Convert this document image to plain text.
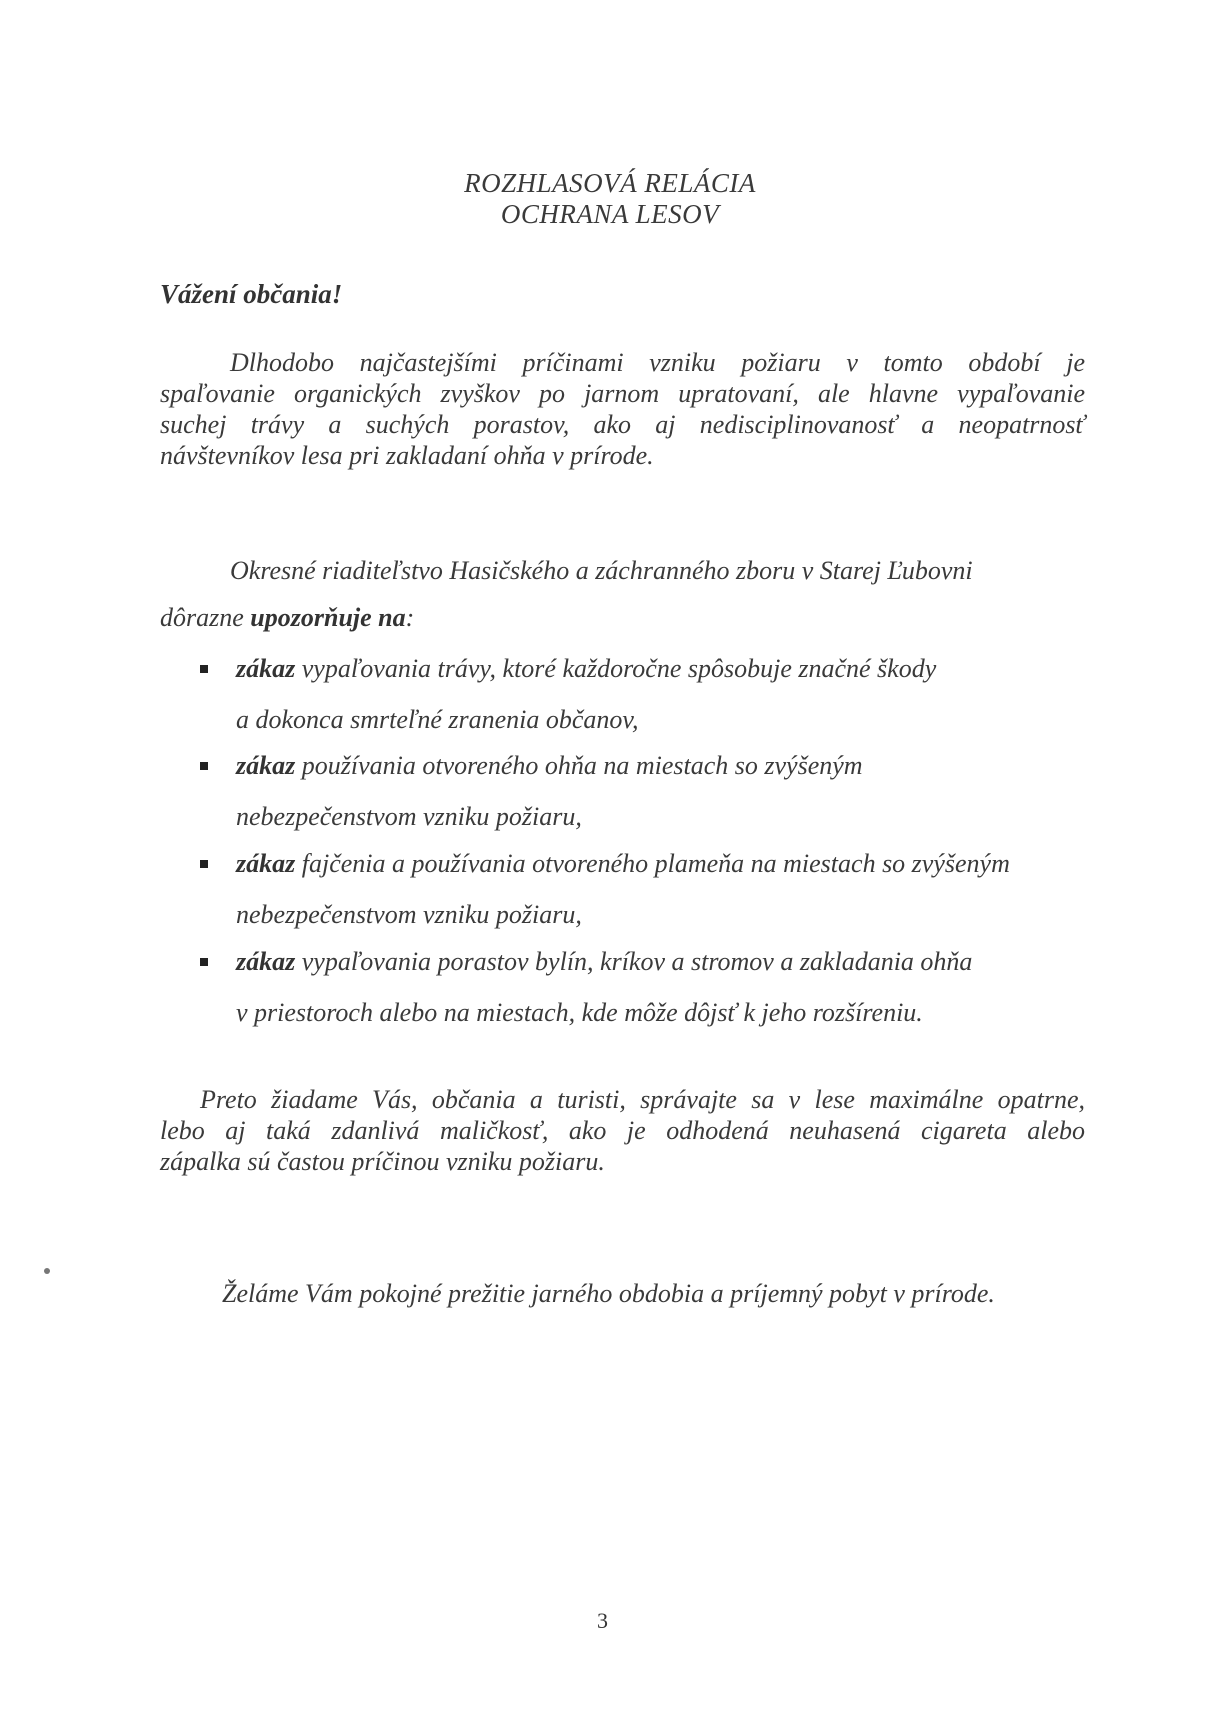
ROZHLASOVÁ RELÁCIA
OCHRANA LESOV
Vážení občania!
Dlhodobo najčastejšími príčinami vzniku požiaru v tomto období je
spaľovanie organických zvyškov po jarnom upratovaní, ale hlavne vypaľovanie
suchej trávy a suchých porastov, ako aj nedisciplinovanosť a neopatrnosť
návštevníkov lesa pri zakladaní ohňa v prírode.
Okresné riaditeľstvo Hasičského a záchranného zboru v Starej Ľubovni
dôrazne upozorňuje na:
zákaz vypaľovania trávy, ktoré každoročne spôsobuje značné škody
a dokonca smrteľné zranenia občanov,
zákaz používania otvoreného ohňa na miestach so zvýšeným
nebezpečenstvom vzniku požiaru,
zákaz fajčenia a používania otvoreného plameňa na miestach so zvýšeným
nebezpečenstvom vzniku požiaru,
zákaz vypaľovania porastov bylín, kríkov a stromov a zakladania ohňa
v priestoroch alebo na miestach, kde môže dôjsť k jeho rozšíreniu.
Preto žiadame Vás, občania a turisti, správajte sa v lese maximálne opatrne,
lebo aj taká zdanlivá maličkosť, ako je odhodená neuhasená cigareta alebo
zápalka sú častou príčinou vzniku požiaru.
Želáme Vám pokojné prežitie jarného obdobia a príjemný pobyt v prírode.
3
